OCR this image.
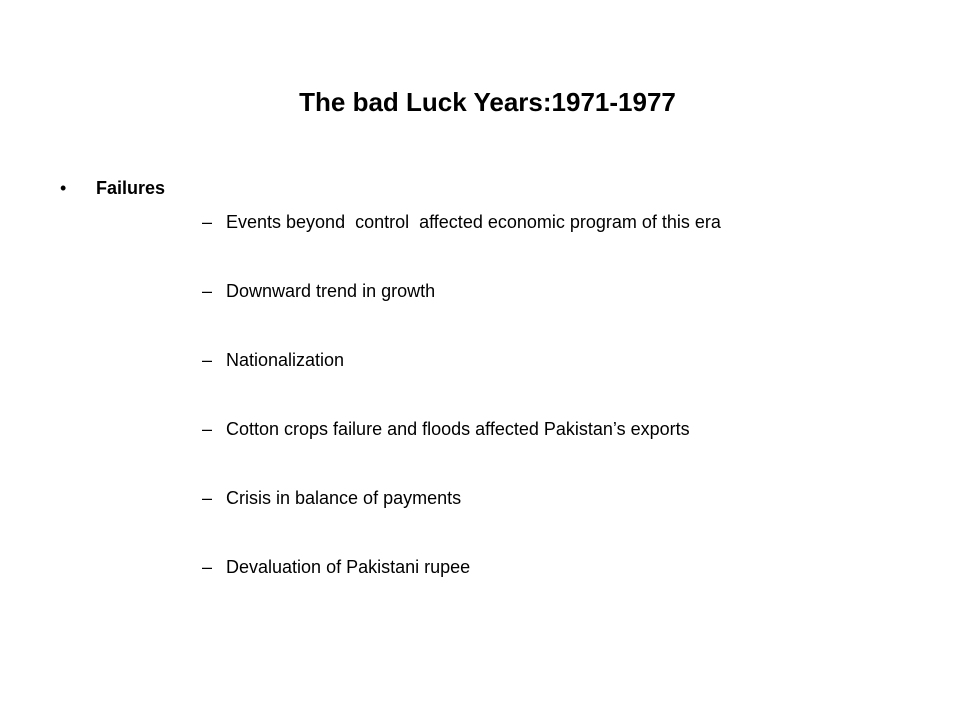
The bad Luck Years:1971-1977
•	Failures
– Events beyond  control  affected economic program of this era
– Downward trend in growth
– Nationalization
– Cotton crops failure and floods affected Pakistan’s exports
– Crisis in balance of payments
– Devaluation of Pakistani rupee
